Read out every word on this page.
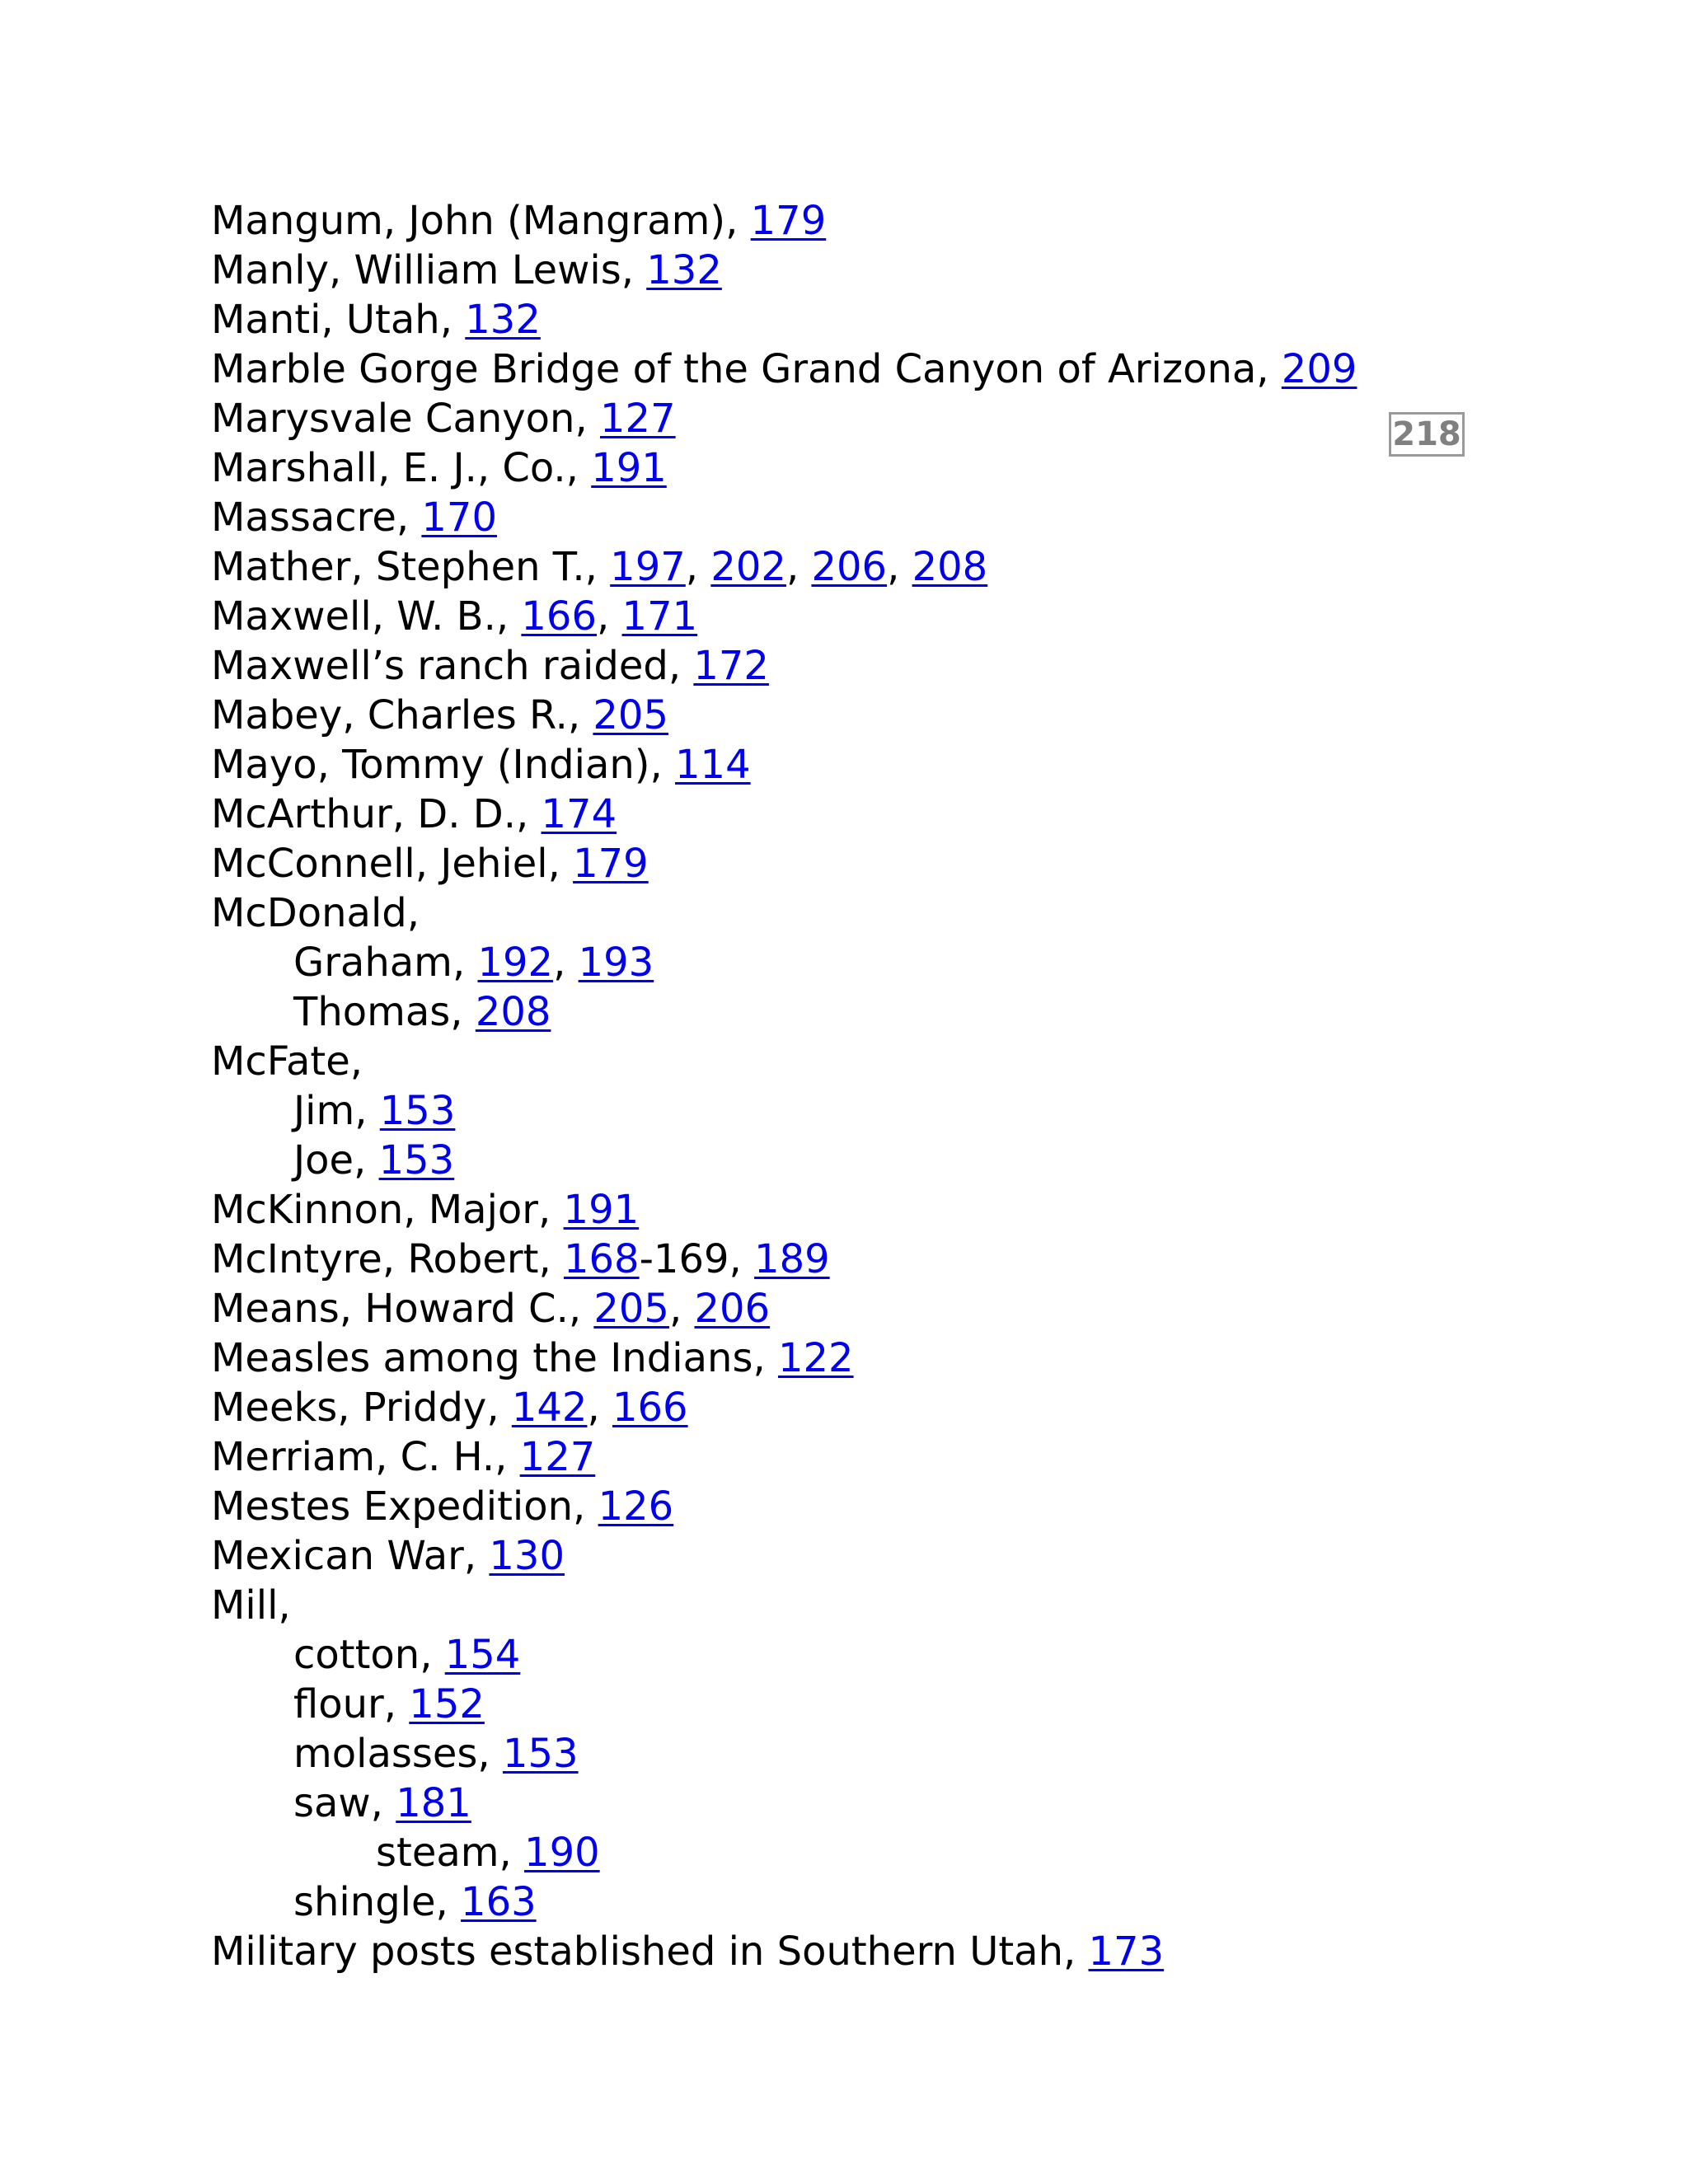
Mangum, John (Mangram), 179
Manly, William Lewis, 132
Manti, Utah, 132
Marble Gorge Bridge of the Grand Canyon of Arizona, 209
Marysvale Canyon, 127
Marshall, E. J., Co., 191
Massacre, 170
Mather, Stephen T., 197, 202, 206, 208
Maxwell, W. B., 166, 171
Maxwell’s ranch raided, 172
Mabey, Charles R., 205
Mayo, Tommy (Indian), 114
McArthur, D. D., 174
McConnell, Jehiel, 179
McDonald,
Graham, 192, 193
Thomas, 208
McFate,
Jim, 153
Joe, 153
McKinnon, Major, 191
McIntyre, Robert, 168-169, 189
Means, Howard C., 205, 206
Measles among the Indians, 122
Meeks, Priddy, 142, 166
Merriam, C. H., 127
Mestes Expedition, 126
Mexican War, 130
Mill,
cotton, 154
flour, 152
molasses, 153
saw, 181
steam, 190
shingle, 163
Military posts established in Southern Utah, 173
218
